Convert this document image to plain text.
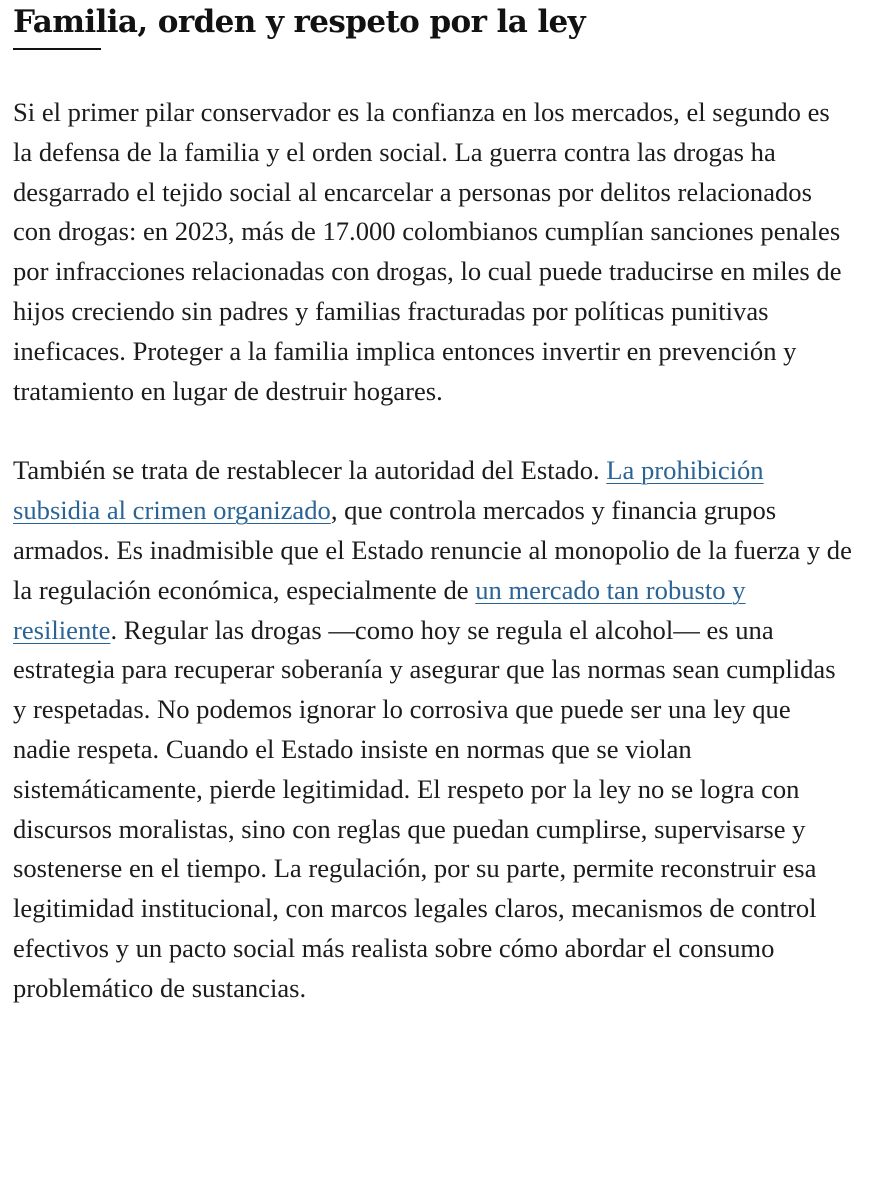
Familia, orden y respeto por la ley

Si el primer pilar conservador es la confianza en los mercados, el segundo es la defensa de la familia y el orden social. La guerra contra las drogas ha desgarrado el tejido social al encarcelar a personas por delitos relacionados con drogas: en 2023, más de 17.000 colombianos cumplían sanciones penales por infracciones relacionadas con drogas, lo cual puede traducirse en miles de hijos creciendo sin padres y familias fracturadas por políticas punitivas ineficaces. Proteger a la familia implica entonces invertir en prevención y tratamiento en lugar de destruir hogares.

También se trata de restablecer la autoridad del Estado. La prohibición subsidia al crimen organizado, que controla mercados y financia grupos armados. Es inadmisible que el Estado renuncie al monopolio de la fuerza y de la regulación económica, especialmente de un mercado tan robusto y resiliente. Regular las drogas —como hoy se regula el alcohol— es una estrategia para recuperar soberanía y asegurar que las normas sean cumplidas y respetadas. No podemos ignorar lo corrosiva que puede ser una ley que nadie respeta. Cuando el Estado insiste en normas que se violan sistemáticamente, pierde legitimidad. El respeto por la ley no se logra con discursos moralistas, sino con reglas que puedan cumplirse, supervisarse y sostenerse en el tiempo. La regulación, por su parte, permite reconstruir esa legitimidad institucional, con marcos legales claros, mecanismos de control efectivos y un pacto social más realista sobre cómo abordar el consumo problemático de sustancias.
